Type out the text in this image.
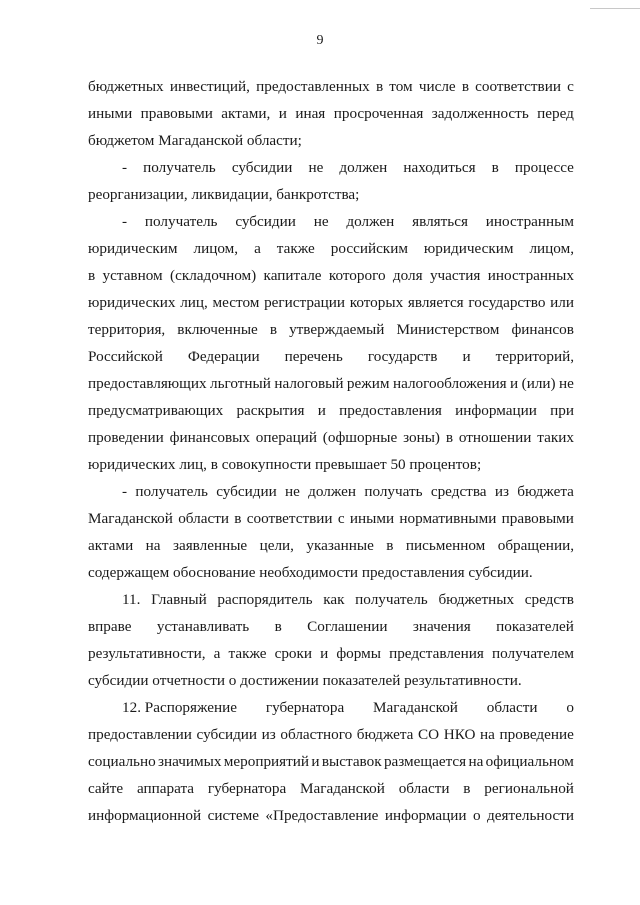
9
бюджетных инвестиций, предоставленных в том числе в соответствии с
иными правовыми актами, и иная просроченная задолженность перед
бюджетом Магаданской области;
- получатель субсидии не должен находиться в процессе
реорганизации, ликвидации, банкротства;
- получатель субсидии не должен являться иностранным
юридическим лицом, а также российским юридическим лицом,
в уставном (складочном) капитале которого доля участия иностранных
юридических лиц, местом регистрации которых является государство или
территория, включенные в утверждаемый Министерством финансов
Российской Федерации перечень государств и территорий,
предоставляющих льготный налоговый режим налогообложения и (или) не
предусматривающих раскрытия и предоставления информации при
проведении финансовых операций (офшорные зоны) в отношении таких
юридических лиц, в совокупности превышает 50 процентов;
- получатель субсидии не должен получать средства из бюджета
Магаданской области в соответствии с иными нормативными правовыми
актами на заявленные цели, указанные в письменном обращении,
содержащем обоснование необходимости предоставления субсидии.
11. Главный распорядитель как получатель бюджетных средств
вправе устанавливать в Соглашении значения показателей
результативности, а также сроки и формы представления получателем
субсидии отчетности о достижении показателей результативности.
12. Распоряжение губернатора Магаданской области о
предоставлении субсидии из областного бюджета СО НКО на проведение
социально значимых мероприятий и выставок размещается на официальном
сайте аппарата губернатора Магаданской области в региональной
информационной системе «Предоставление информации о деятельности
